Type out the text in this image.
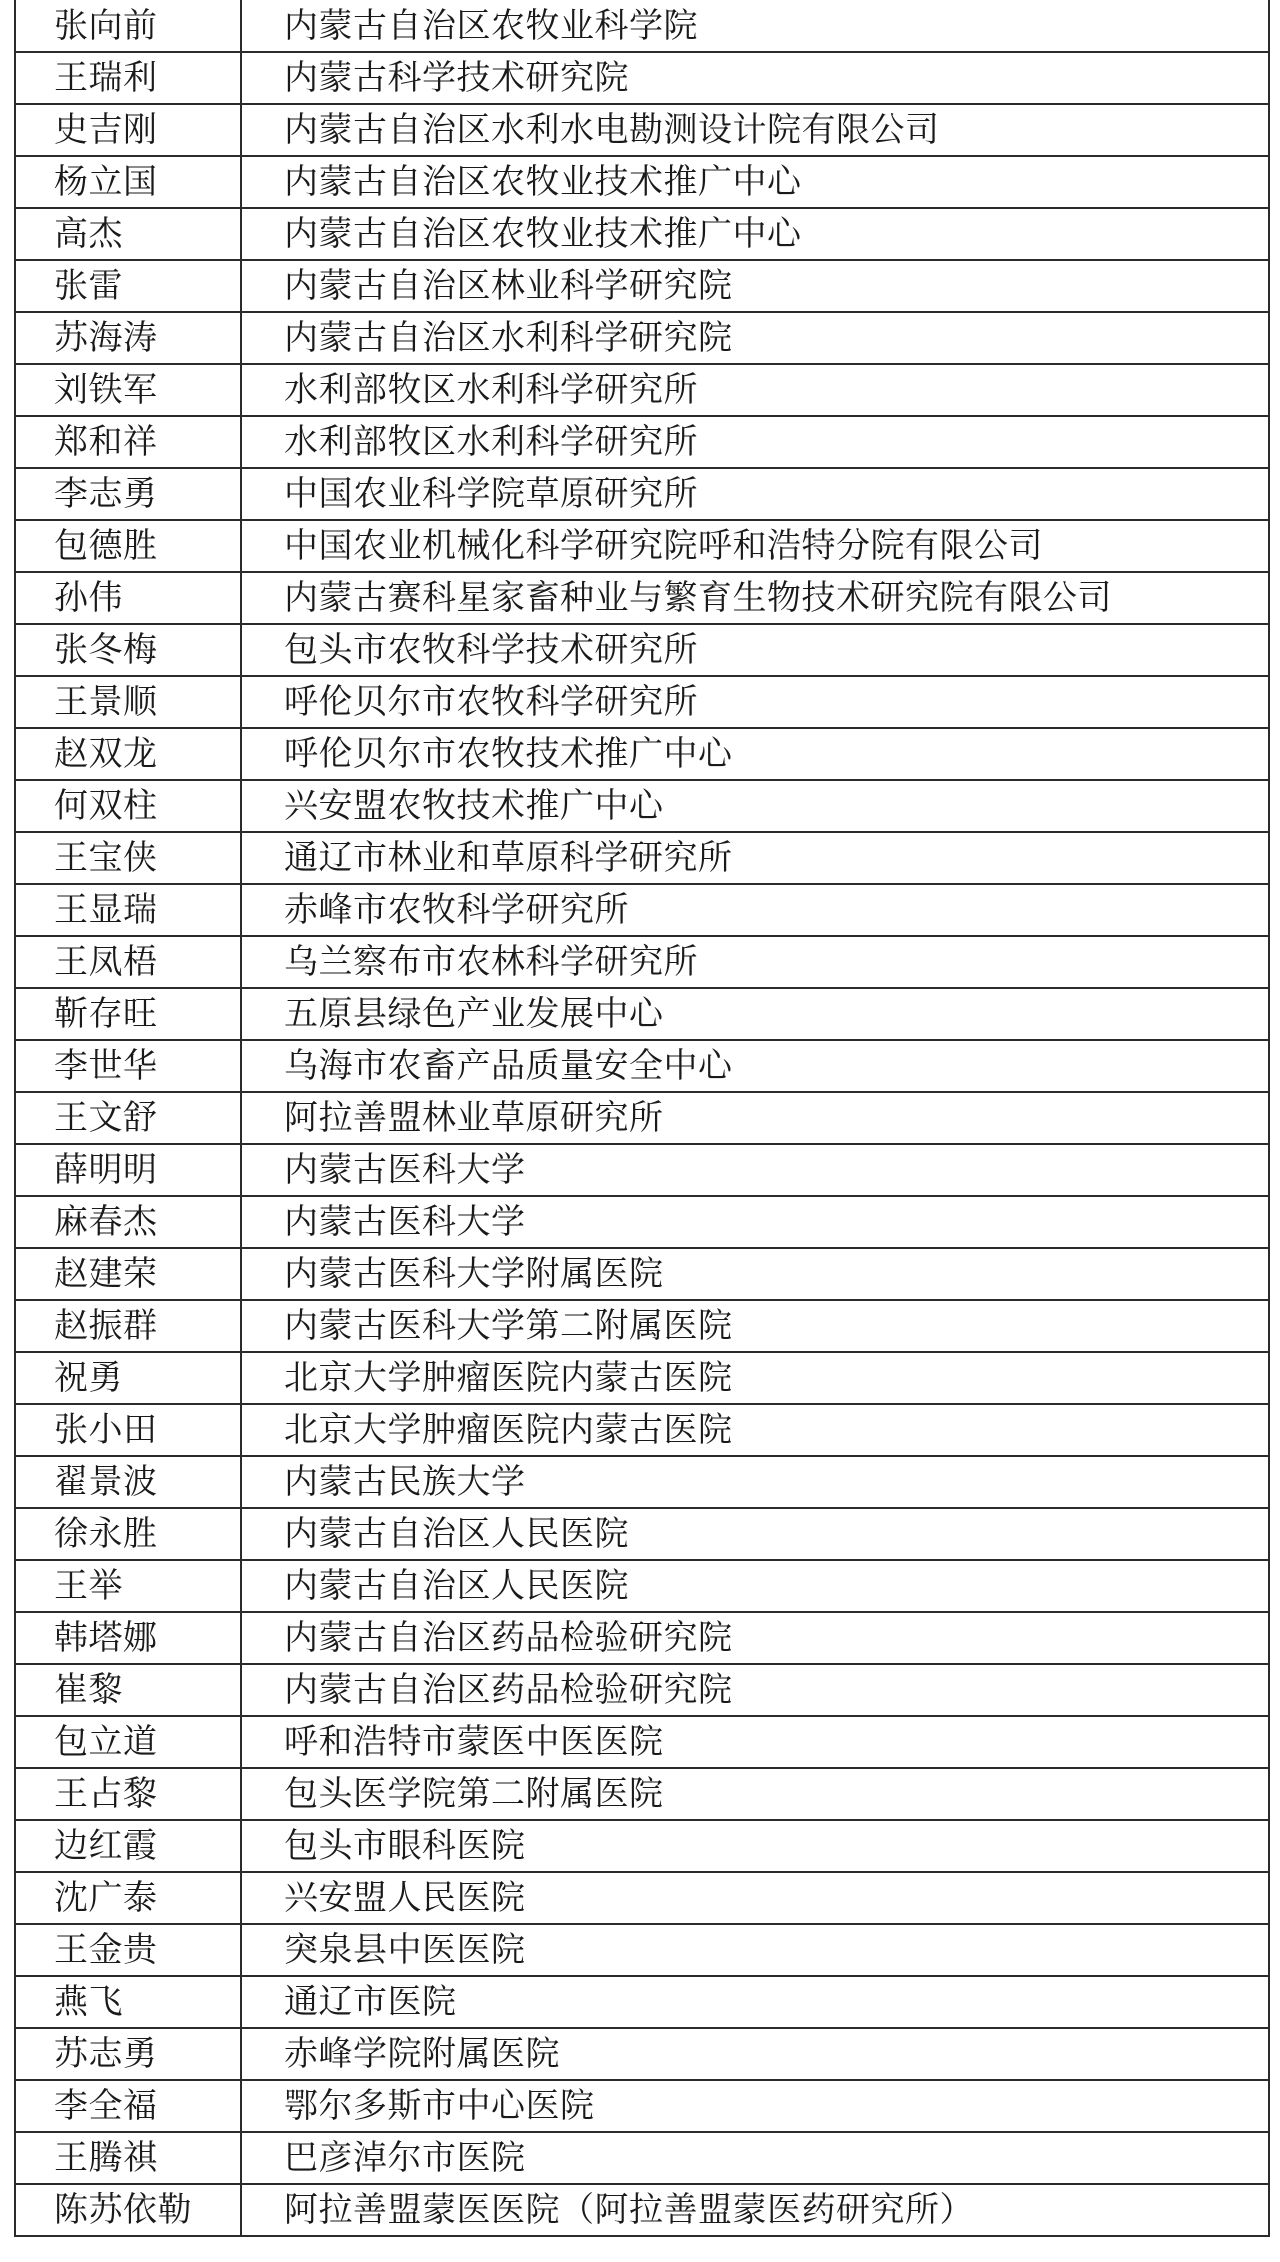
张向前	内蒙古自治区农牧业科学院
王瑞利	内蒙古科学技术研究院
史吉刚	内蒙古自治区水利水电勘测设计院有限公司
杨立国	内蒙古自治区农牧业技术推广中心
高杰	内蒙古自治区农牧业技术推广中心
张雷	内蒙古自治区林业科学研究院
苏海涛	内蒙古自治区水利科学研究院
刘铁军	水利部牧区水利科学研究所
郑和祥	水利部牧区水利科学研究所
李志勇	中国农业科学院草原研究所
包德胜	中国农业机械化科学研究院呼和浩特分院有限公司
孙伟	内蒙古赛科星家畜种业与繁育生物技术研究院有限公司
张冬梅	包头市农牧科学技术研究所
王景顺	呼伦贝尔市农牧科学研究所
赵双龙	呼伦贝尔市农牧技术推广中心
何双柱	兴安盟农牧技术推广中心
王宝侠	通辽市林业和草原科学研究所
王显瑞	赤峰市农牧科学研究所
王凤梧	乌兰察布市农林科学研究所
靳存旺	五原县绿色产业发展中心
李世华	乌海市农畜产品质量安全中心
王文舒	阿拉善盟林业草原研究所
薛明明	内蒙古医科大学
麻春杰	内蒙古医科大学
赵建荣	内蒙古医科大学附属医院
赵振群	内蒙古医科大学第二附属医院
祝勇	北京大学肿瘤医院内蒙古医院
张小田	北京大学肿瘤医院内蒙古医院
翟景波	内蒙古民族大学
徐永胜	内蒙古自治区人民医院
王举	内蒙古自治区人民医院
韩塔娜	内蒙古自治区药品检验研究院
崔黎	内蒙古自治区药品检验研究院
包立道	呼和浩特市蒙医中医医院
王占黎	包头医学院第二附属医院
边红霞	包头市眼科医院
沈广泰	兴安盟人民医院
王金贵	突泉县中医医院
燕飞	通辽市医院
苏志勇	赤峰学院附属医院
李全福	鄂尔多斯市中心医院
王腾祺	巴彦淖尔市医院
陈苏依勒	阿拉善盟蒙医医院（阿拉善盟蒙医药研究所）
